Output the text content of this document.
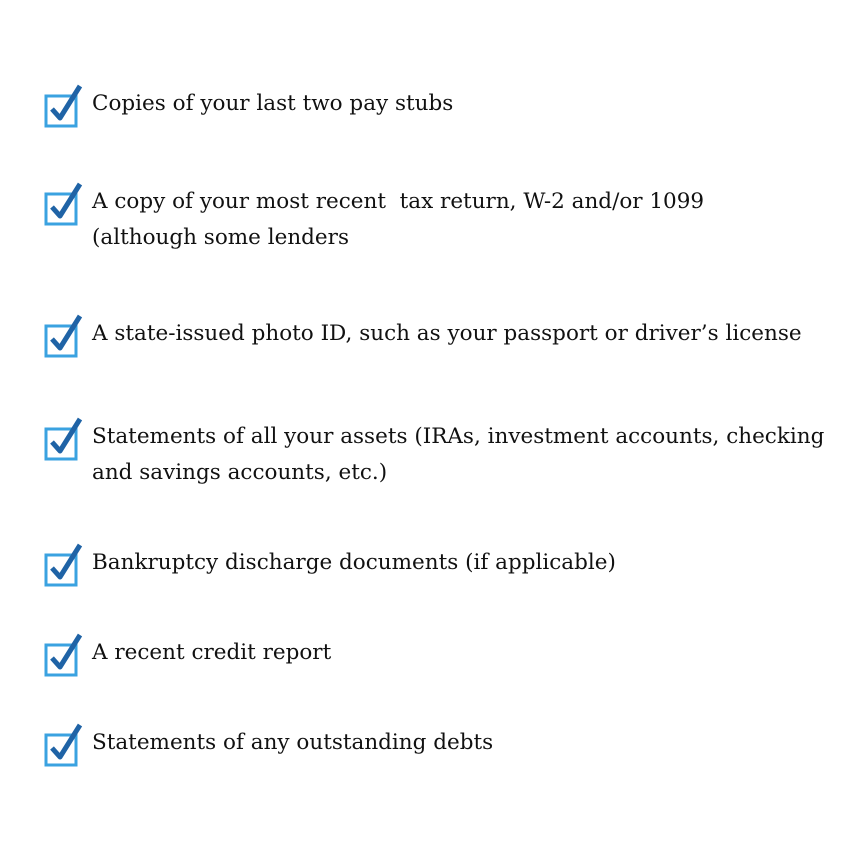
Copies of your last two pay stubs
A copy of your most recent  tax return, W-2 and/or 1099
(although some lenders
A state-issued photo ID, such as your passport or driver’s license
Statements of all your assets (IRAs, investment accounts, checking
and savings accounts, etc.)
Bankruptcy discharge documents (if applicable)
A recent credit report
Statements of any outstanding debts
